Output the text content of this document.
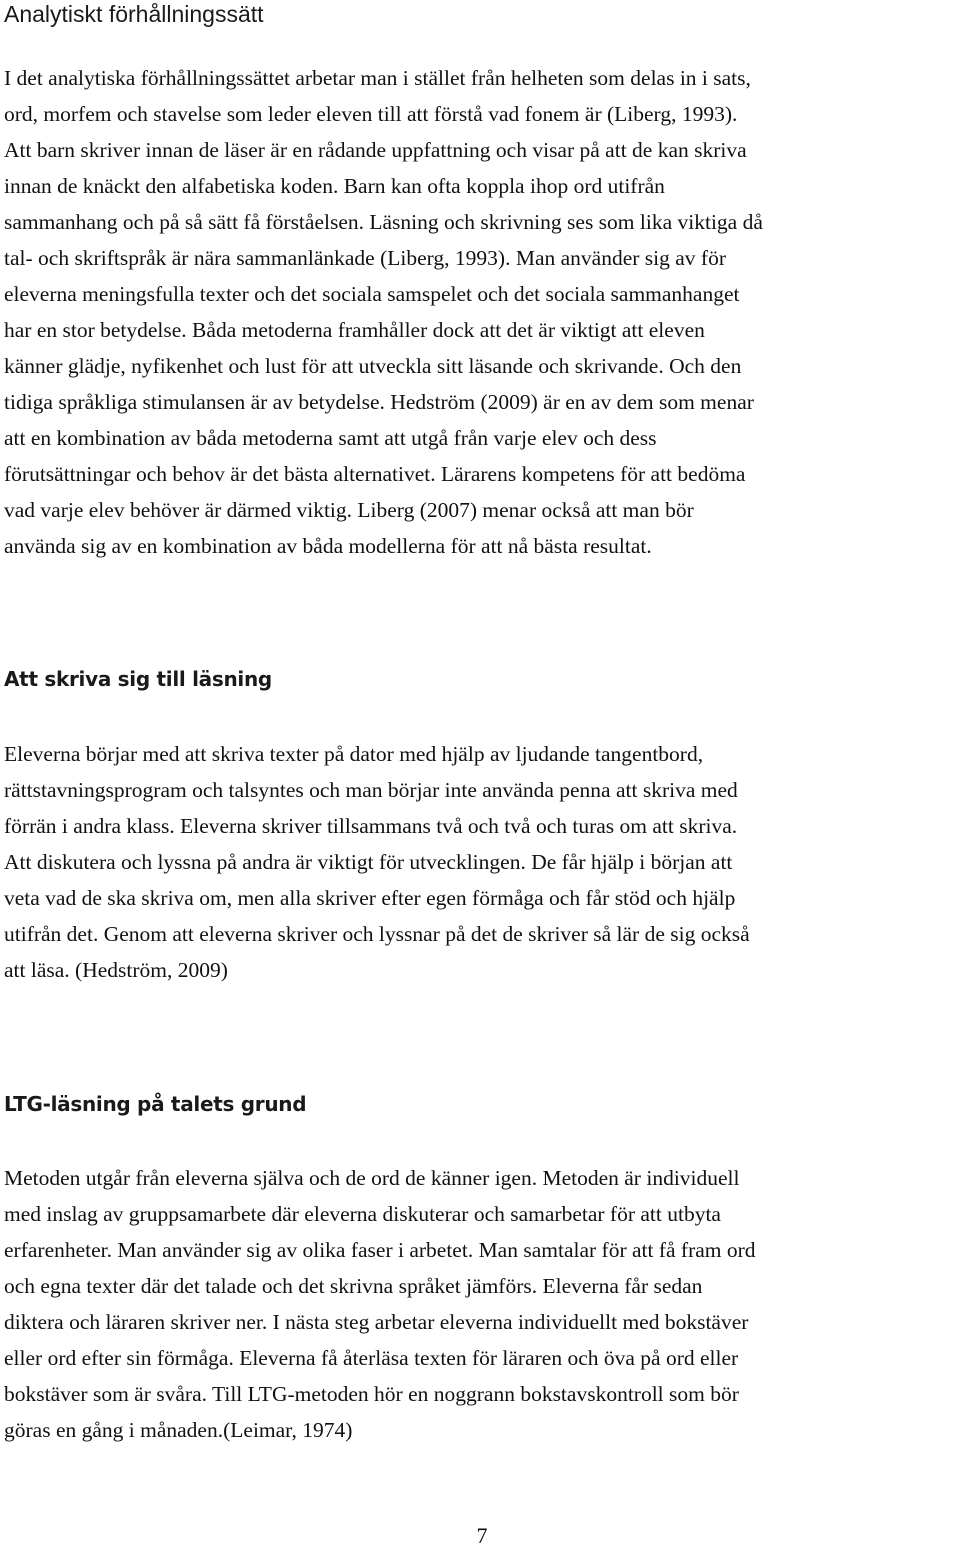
Analytiskt förhållningssätt
I det analytiska förhållningssättet arbetar man i stället från helheten som delas in i sats,
ord, morfem och stavelse som leder eleven till att förstå vad fonem är (Liberg, 1993).
Att barn skriver innan de läser är en rådande uppfattning och visar på att de kan skriva
innan de knäckt den alfabetiska koden. Barn kan ofta koppla ihop ord utifrån
sammanhang och på så sätt få förståelsen. Läsning och skrivning ses som lika viktiga då
tal- och skriftspråk är nära sammanlänkade (Liberg, 1993). Man använder sig av för
eleverna meningsfulla texter och det sociala samspelet och det sociala sammanhanget
har en stor betydelse. Båda metoderna framhåller dock att det är viktigt att eleven
känner glädje, nyfikenhet och lust för att utveckla sitt läsande och skrivande. Och den
tidiga språkliga stimulansen är av betydelse. Hedström (2009) är en av dem som menar
att en kombination av båda metoderna samt att utgå från varje elev och dess
förutsättningar och behov är det bästa alternativet. Lärarens kompetens för att bedöma
vad varje elev behöver är därmed viktig. Liberg (2007) menar också att man bör
använda sig av en kombination av båda modellerna för att nå bästa resultat.
Att skriva sig till läsning
Eleverna börjar med att skriva texter på dator med hjälp av ljudande tangentbord,
rättstavningsprogram och talsyntes och man börjar inte använda penna att skriva med
förrän i andra klass. Eleverna skriver tillsammans två och två och turas om att skriva.
Att diskutera och lyssna på andra är viktigt för utvecklingen. De får hjälp i början att
veta vad de ska skriva om, men alla skriver efter egen förmåga och får stöd och hjälp
utifrån det. Genom att eleverna skriver och lyssnar på det de skriver så lär de sig också
att läsa. (Hedström, 2009)
LTG-läsning på talets grund
Metoden utgår från eleverna själva och de ord de känner igen. Metoden är individuell
med inslag av gruppsamarbete där eleverna diskuterar och samarbetar för att utbyta
erfarenheter. Man använder sig av olika faser i arbetet. Man samtalar för att få fram ord
och egna texter där det talade och det skrivna språket jämförs. Eleverna får sedan
diktera och läraren skriver ner. I nästa steg arbetar eleverna individuellt med bokstäver
eller ord efter sin förmåga. Eleverna få återläsa texten för läraren och öva på ord eller
bokstäver som är svåra. Till LTG-metoden hör en noggrann bokstavskontroll som bör
göras en gång i månaden.(Leimar, 1974)
7
